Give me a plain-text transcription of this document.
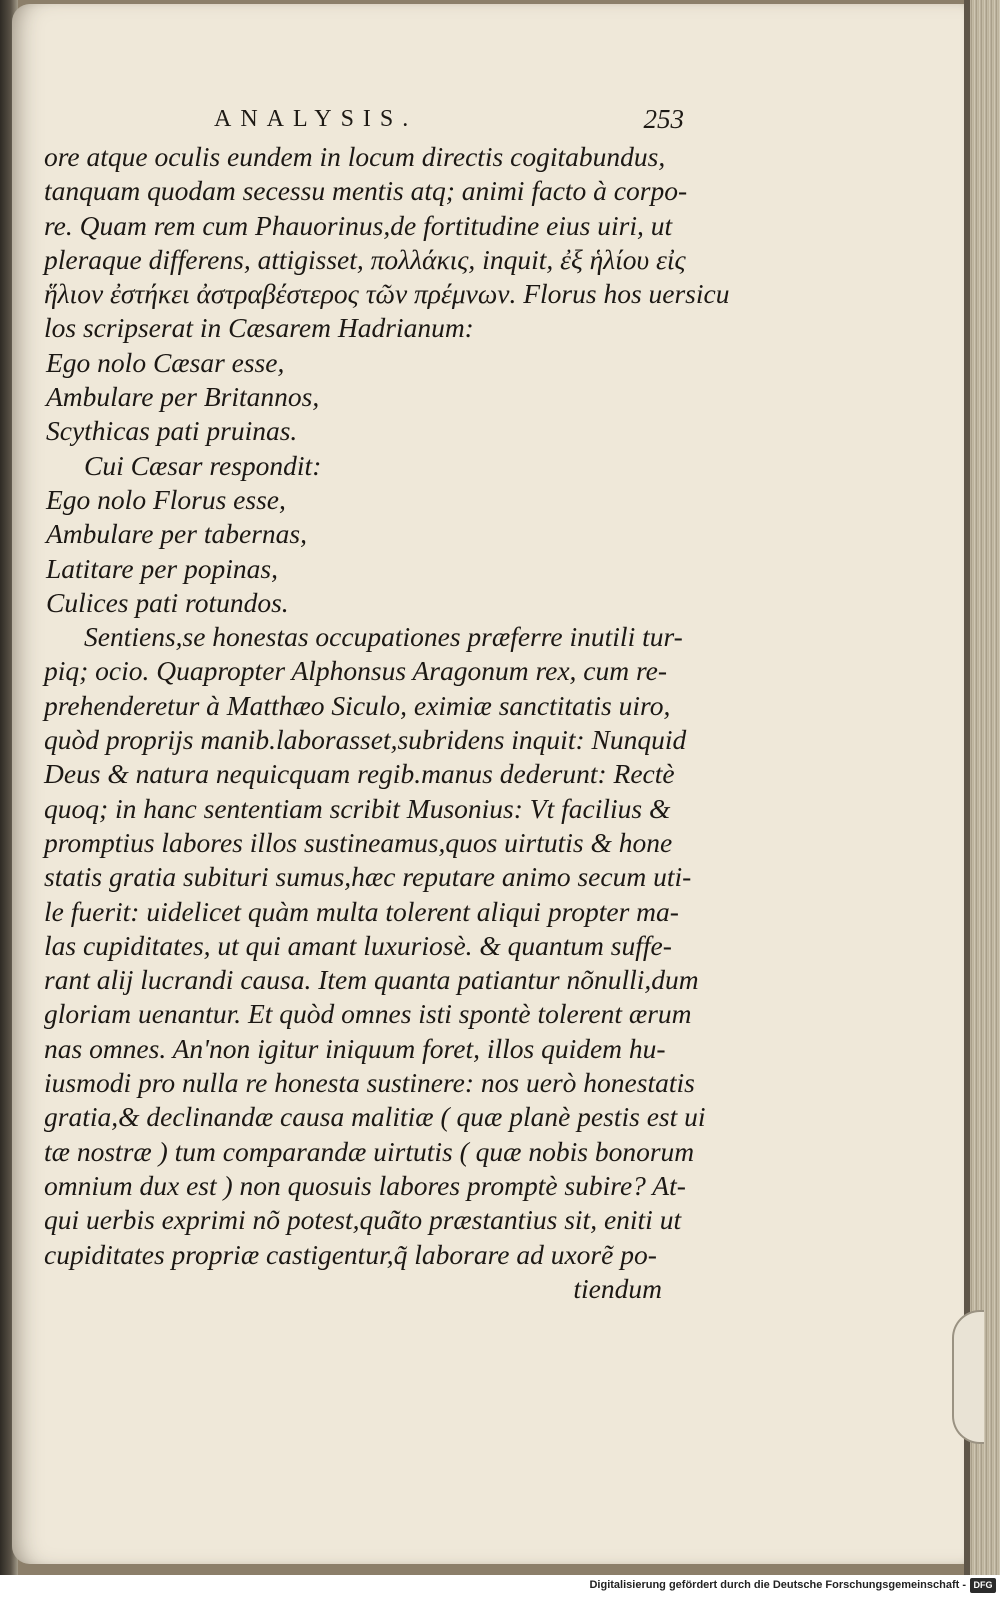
ANALYSIS.	253
ore atque oculis eundem in locum directis cogitabundus,
tanquam quodam secessu mentis atq; animi facto à corpo-
re. Quam rem cum Phauorinus,de fortitudine eius uiri, ut
pleraque differens, attigisset, πολλάκις, inquit, ἐξ ἡλίου εἰς
ἥλιον ἐστήκει ἀστραβέστερος τῶν πρέμνων. Florus hos uersicu
los scripserat in Cæsarem Hadrianum:
Ego nolo Cæsar esse,
Ambulare per Britannos,
Scythicas pati pruinas.
Cui Cæsar respondit:
Ego nolo Florus esse,
Ambulare per tabernas,
Latitare per popinas,
Culices pati rotundos.
Sentiens,se honestas occupationes præferre inutili tur-
piq; ocio. Quapropter Alphonsus Aragonum rex, cum re-
prehenderetur à Matthæo Siculo, eximiæ sanctitatis uiro,
quòd proprijs manib.laborasset,subridens inquit: Nunquid
Deus & natura nequicquam regib.manus dederunt: Rectè
quoq; in hanc sententiam scribit Musonius: Vt facilius &
promptius labores illos sustineamus,quos uirtutis & hone
statis gratia subituri sumus,hæc reputare animo secum uti-
le fuerit: uidelicet quàm multa tolerent aliqui propter ma-
las cupiditates, ut qui amant luxuriosè. & quantum suffe-
rant alij lucrandi causa. Item quanta patiantur nõnulli,dum
gloriam uenantur. Et quòd omnes isti spontè tolerent ærum
nas omnes. An'non igitur iniquum foret, illos quidem hu-
iusmodi pro nulla re honesta sustinere: nos uerò honestatis
gratia,& declinandæ causa malitiæ ( quæ planè pestis est ui
tæ nostræ ) tum comparandæ uirtutis ( quæ nobis bonorum
omnium dux est ) non quosuis labores promptè subire? At-
qui uerbis exprimi nõ potest,quãto præstantius sit, eniti ut
cupiditates propriæ castigentur,q̃ laborare ad uxorẽ po-
tiendum
Digitalisierung gefördert durch die Deutsche Forschungsgemeinschaft - DFG
